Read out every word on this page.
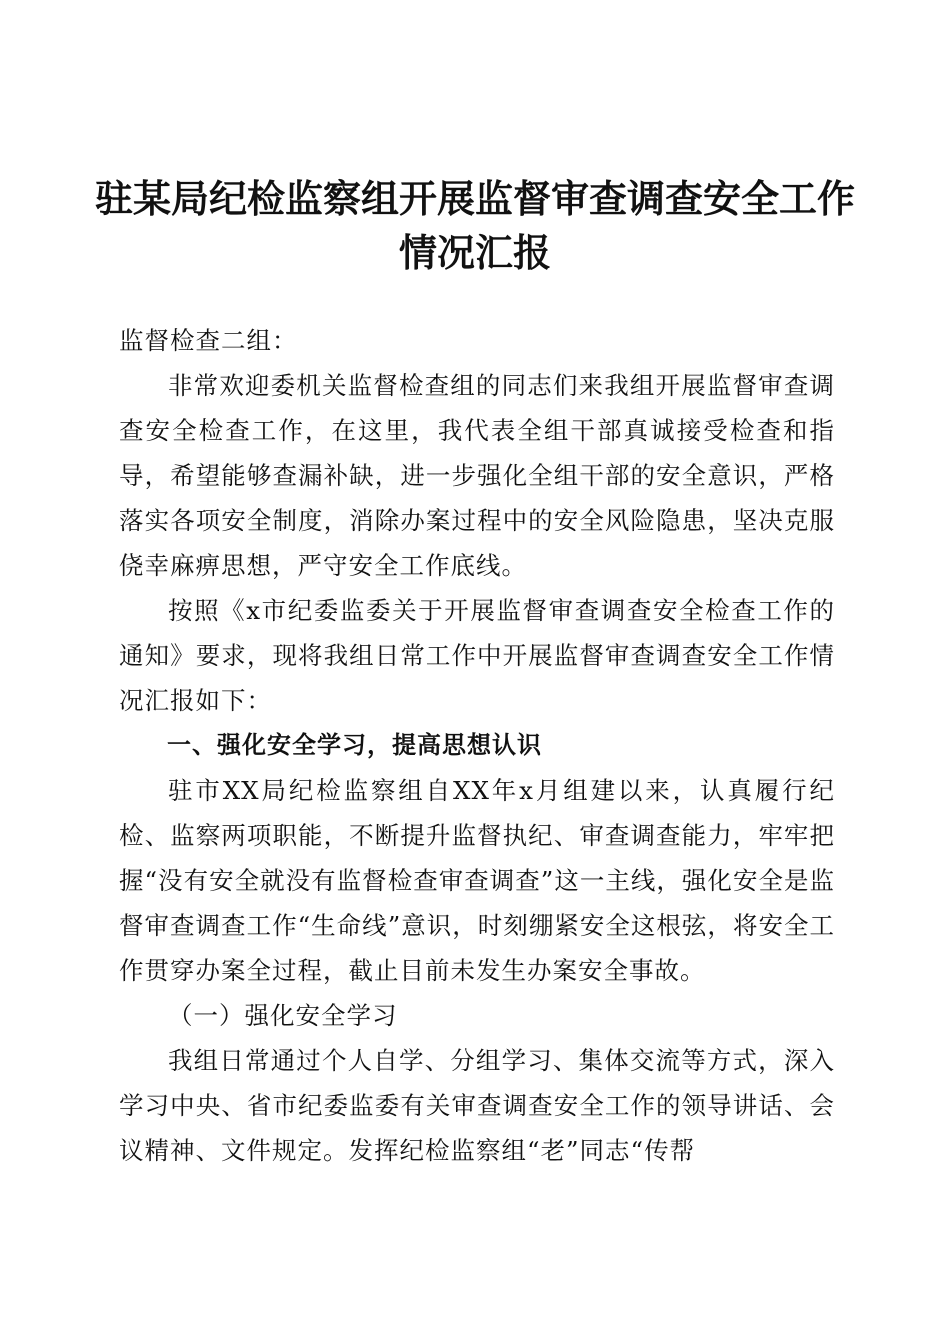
驻某局纪检监察组开展监督审查调查安全工作
情况汇报

监督检查二组：

非常欢迎委机关监督检查组的同志们来我组开展监督审查调查安全检查工作，在这里，我代表全组干部真诚接受检查和指导，希望能够查漏补缺，进一步强化全组干部的安全意识，严格落实各项安全制度，消除办案过程中的安全风险隐患，坚决克服侥幸麻痹思想，严守安全工作底线。

按照《x市纪委监委关于开展监督审查调查安全检查工作的通知》要求，现将我组日常工作中开展监督审查调查安全工作情况汇报如下：

一、强化安全学习，提高思想认识

驻市XX局纪检监察组自XX年x月组建以来，认真履行纪检、监察两项职能，不断提升监督执纪、审查调查能力，牢牢把握“没有安全就没有监督检查审查调查”这一主线，强化安全是监督审查调查工作“生命线”意识，时刻绷紧安全这根弦，将安全工作贯穿办案全过程，截止目前未发生办案安全事故。

（一）强化安全学习

我组日常通过个人自学、分组学习、集体交流等方式，深入学习中央、省市纪委监委有关审查调查安全工作的领导讲话、会议精神、文件规定。发挥纪检监察组“老”同志“传帮
